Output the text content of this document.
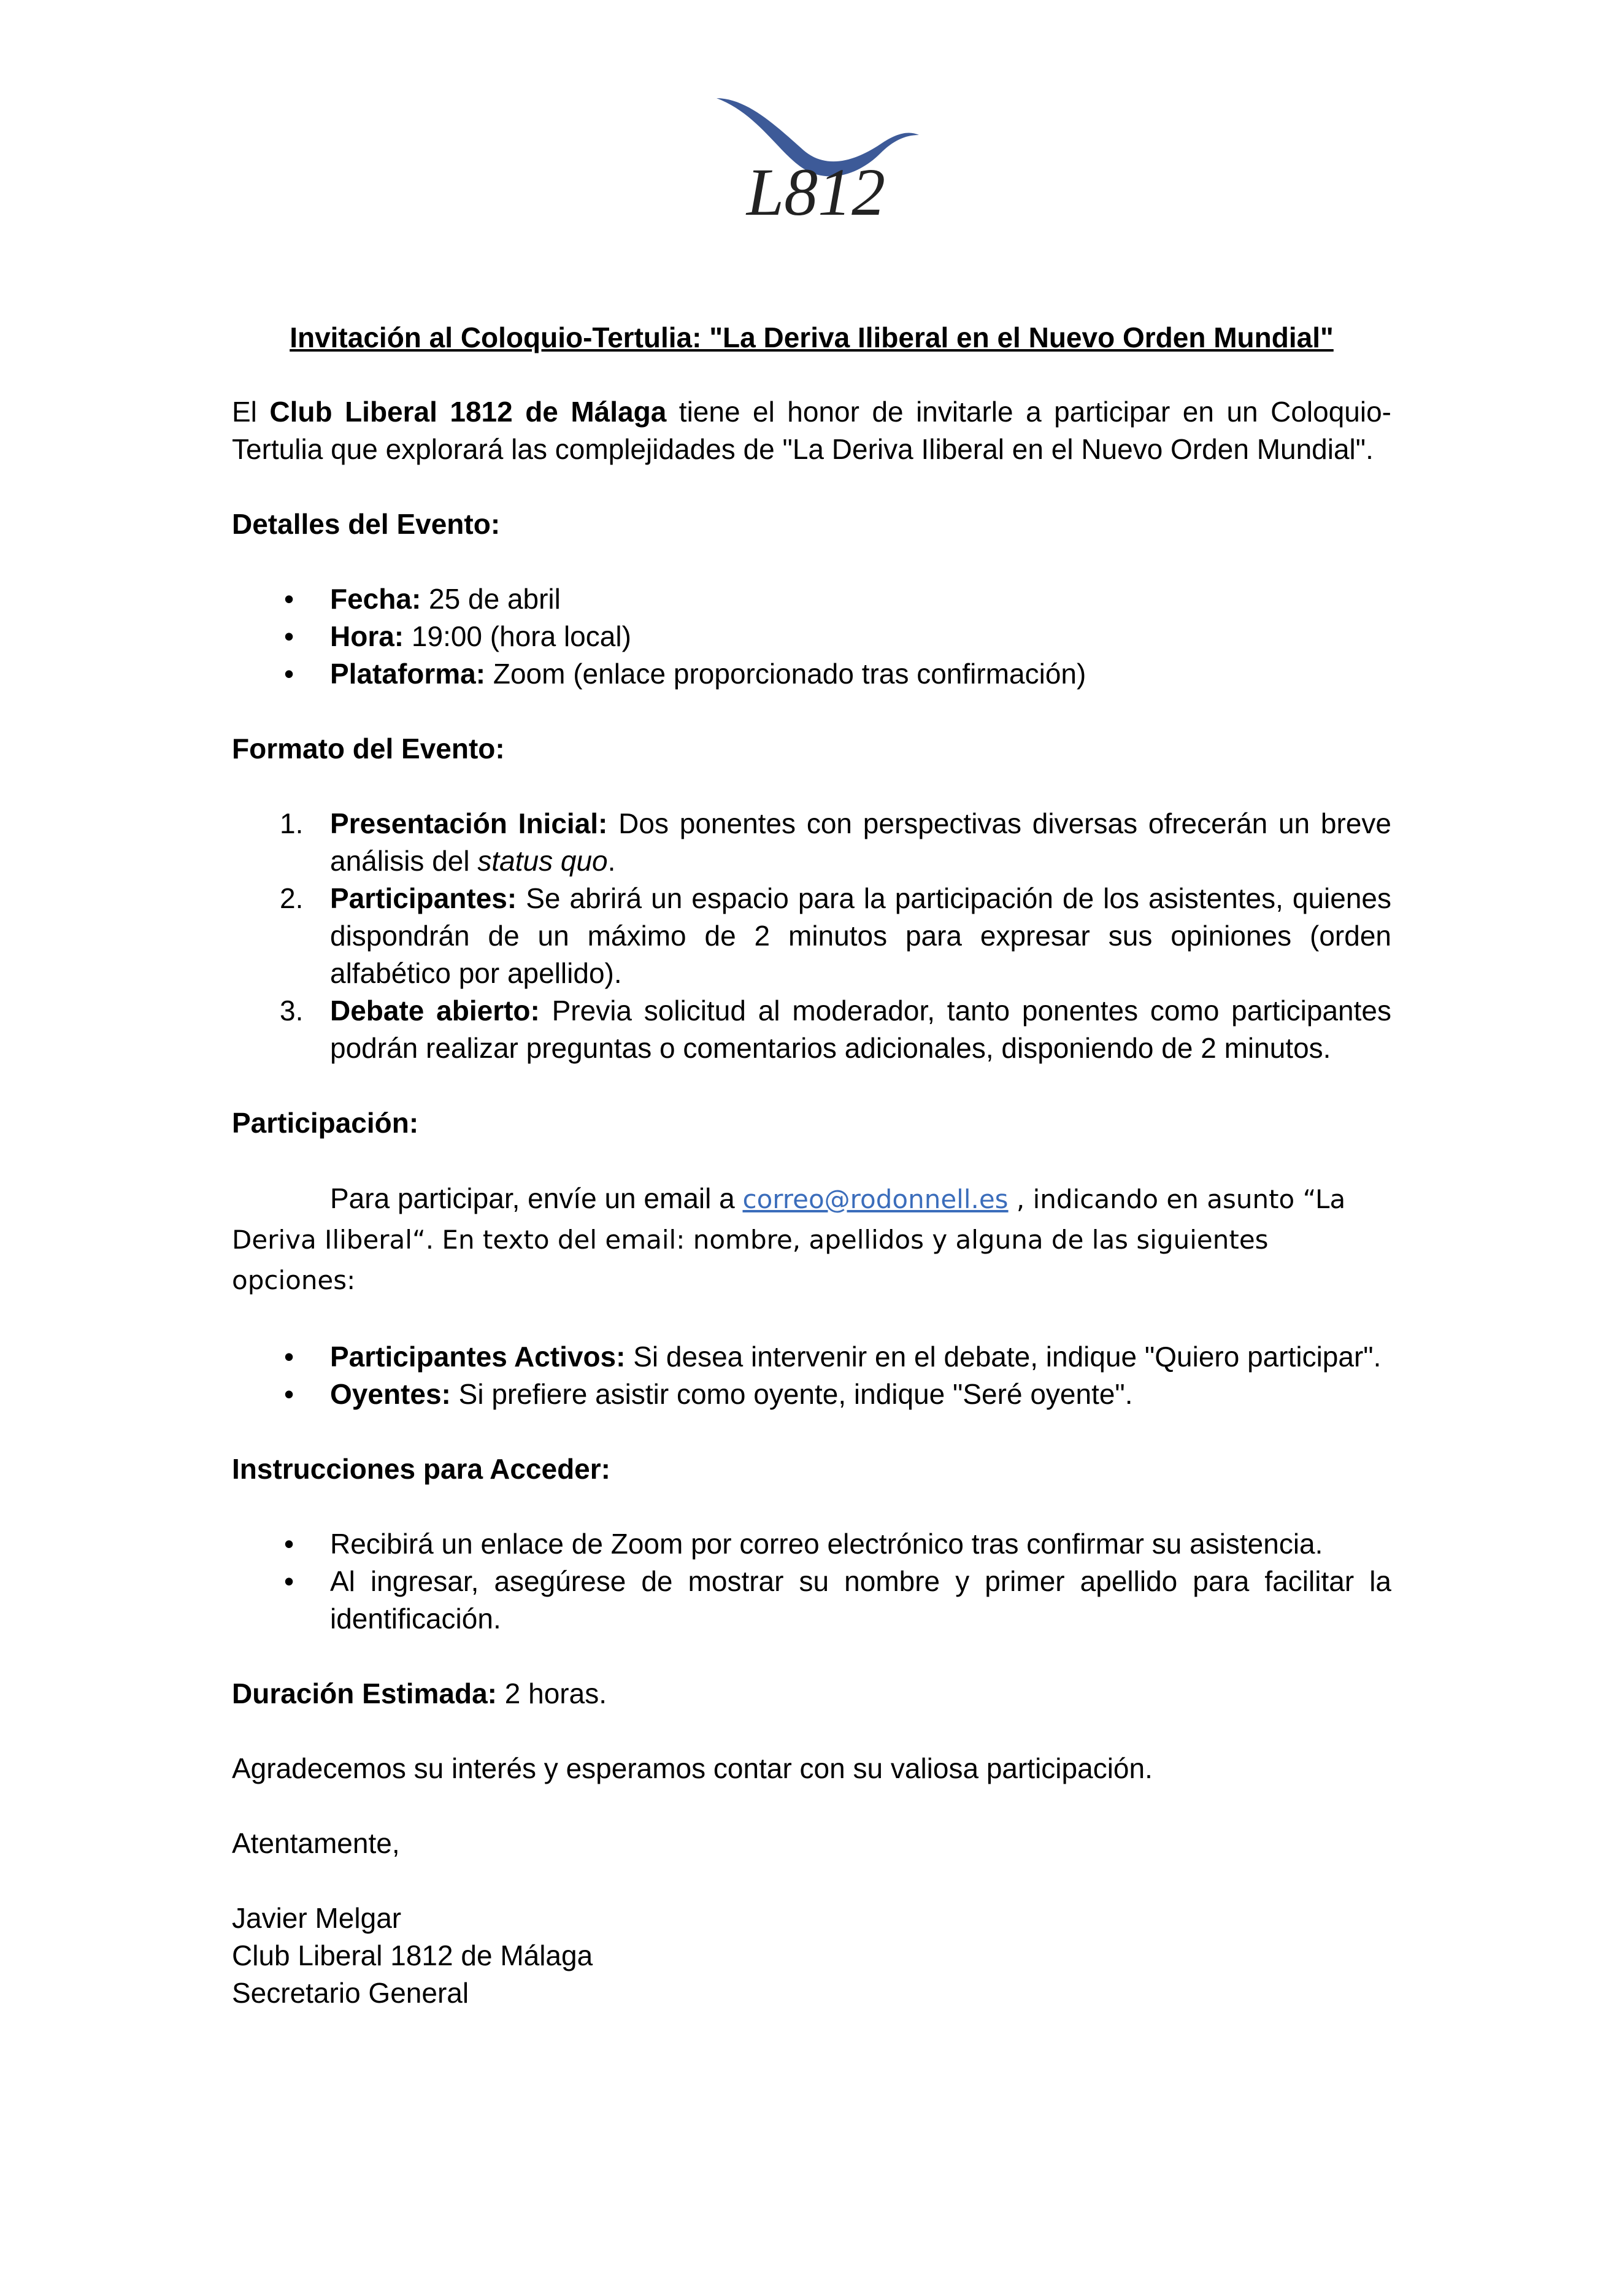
L812

Invitación al Coloquio-Tertulia: "La Deriva Iliberal en el Nuevo Orden Mundial"

El Club Liberal 1812 de Málaga tiene el honor de invitarle a participar en un Coloquio-Tertulia que explorará las complejidades de "La Deriva Iliberal en el Nuevo Orden Mundial".

Detalles del Evento:

• Fecha: 25 de abril
• Hora: 19:00 (hora local)
• Plataforma: Zoom (enlace proporcionado tras confirmación)

Formato del Evento:

1. Presentación Inicial: Dos ponentes con perspectivas diversas ofrecerán un breve análisis del status quo.
2. Participantes: Se abrirá un espacio para la participación de los asistentes, quienes dispondrán de un máximo de 2 minutos para expresar sus opiniones (orden alfabético por apellido).
3. Debate abierto: Previa solicitud al moderador, tanto ponentes como participantes podrán realizar preguntas o comentarios adicionales, disponiendo de 2 minutos.

Participación:

Para participar, envíe un email a correo@rodonnell.es , indicando en asunto “La Deriva Iliberal“. En texto del email: nombre, apellidos y alguna de las siguientes opciones:

• Participantes Activos: Si desea intervenir en el debate, indique "Quiero participar".
• Oyentes: Si prefiere asistir como oyente, indique "Seré oyente".

Instrucciones para Acceder:

• Recibirá un enlace de Zoom por correo electrónico tras confirmar su asistencia.
• Al ingresar, asegúrese de mostrar su nombre y primer apellido para facilitar la identificación.

Duración Estimada: 2 horas.

Agradecemos su interés y esperamos contar con su valiosa participación.

Atentamente,

Javier Melgar

Club Liberal 1812 de Málaga

Secretario General
